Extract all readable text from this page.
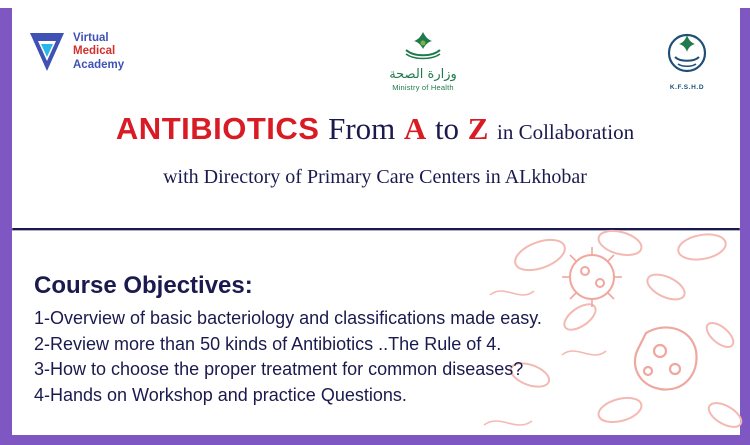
Virtual
Medical
Academy
وزارة الصحة
Ministry of Health	K.F.S.H.D
ANTIBIOTICS From A to Z in Collaboration
with Directory of Primary Care Centers in ALkhobar
Course Objectives:
1-Overview of basic bacteriology and classifications made easy.
2-Review more than 50 kinds of Antibiotics ..The Rule of 4.
3-How to choose the proper treatment for common diseases?
4-Hands on Workshop and practice Questions.
